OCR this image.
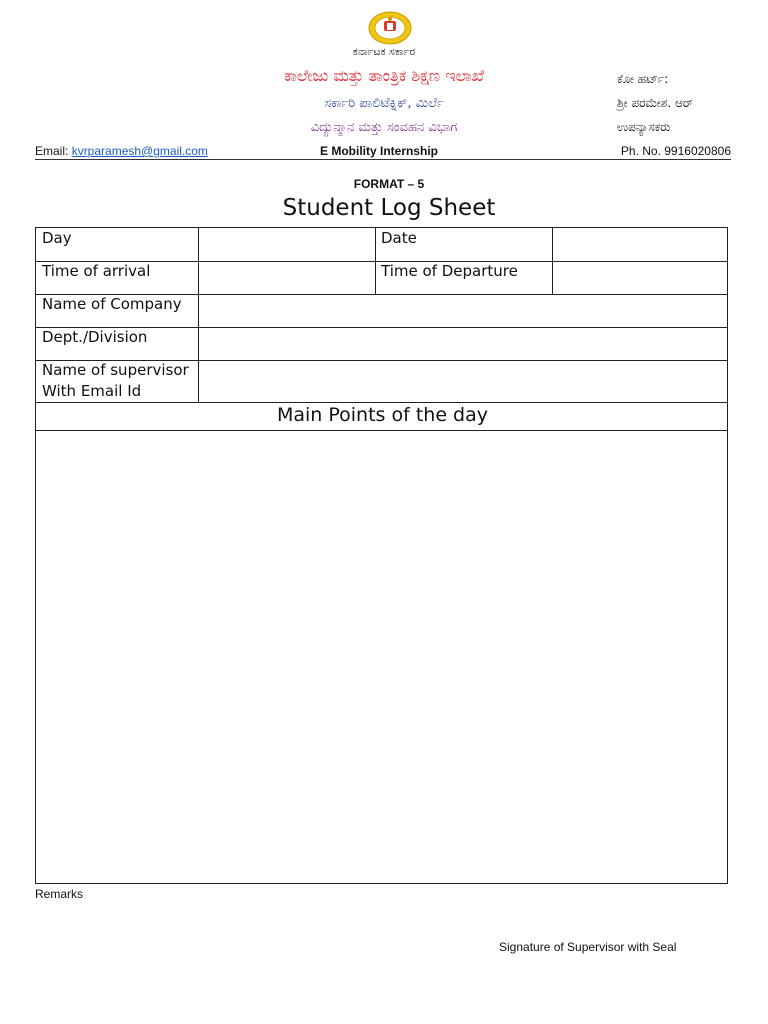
ಕರ್ನಾಟಕ ಸರ್ಕಾರ
ಕಾಲೇಜು ಮತ್ತು ತಾಂತ್ರಿಕ ಶಿಕ್ಷಣ ಇಲಾಖೆ
ಸರ್ಕಾರಿ ಪಾಲಿಟೆಕ್ನಿಕ್, ಮಿರ್ಲೆ
ವಿದ್ಯುನ್ಮಾನ ಮತ್ತು ಸಂವಹನ ವಿಭಾಗ
ಕೋ ಹರ್ಟ್:
ಶ್ರೀ ಪರಮೇಶ. ಆರ್
ಉಪನ್ಯಾಸಕರು
Email: kvrparamesh@gmail.com	E Mobility Internship	Ph. No. 9916020806
FORMAT – 5
Student Log Sheet
Day	Date
Time of arrival	Time of Departure
Name of Company
Dept./Division
Name of supervisor
With Email Id
Main Points of the day
Remarks
Signature of Supervisor with Seal
